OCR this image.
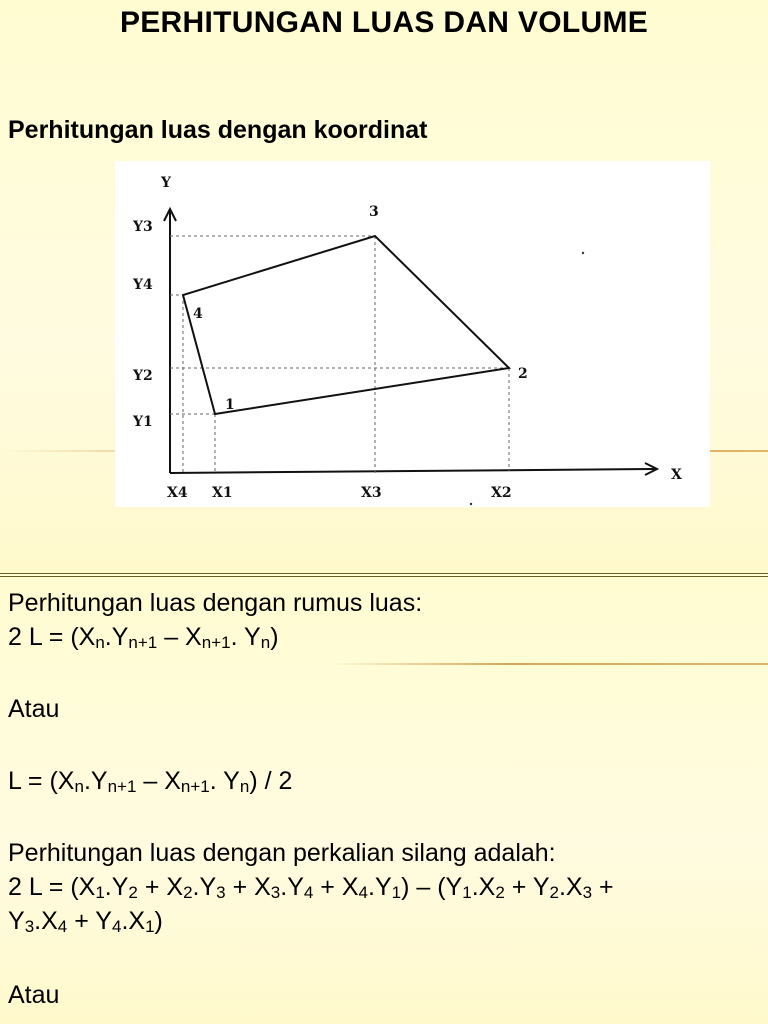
PERHITUNGAN LUAS DAN VOLUME
Perhitungan luas dengan koordinat
Y
X
Y3
Y4
Y2
Y1
X4 X1	X3	X2
1
2
3
4
Perhitungan luas dengan rumus luas:
2 $L = (X_n.Y_{n+1} - X_{n+1}$. $Y_n$)
Atau
$L = (X_n.Y_{n+1} - X_{n+1}$. $Y_n) / 2$
Perhitungan luas dengan perkalian silang adalah:
2 $L = (X_1.Y_2 + X_2.Y_3 + X_3.Y_4 + X_4.Y_1) - (Y_1.X_2 + Y_2.X_3$ +
$Y_3.X_4 + Y_4.X_1$)
Atau
